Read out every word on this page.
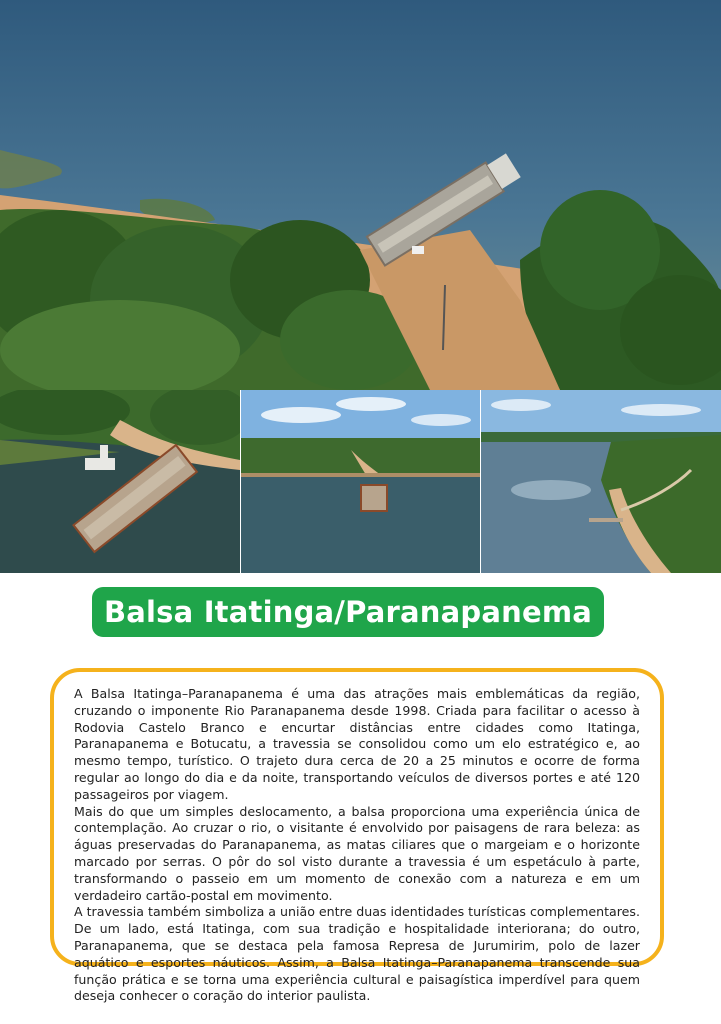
Balsa Itatinga/Paranapanema

A Balsa Itatinga–Paranapanema é uma das atrações mais emblemáticas da região, cruzando o imponente Rio Paranapanema desde 1998. Criada para facilitar o acesso à Rodovia Castelo Branco e encurtar distâncias entre cidades como Itatinga, Paranapanema e Botucatu, a travessia se consolidou como um elo estratégico e, ao mesmo tempo, turístico. O trajeto dura cerca de 20 a 25 minutos e ocorre de forma regular ao longo do dia e da noite, transportando veículos de diversos portes e até 120 passageiros por viagem.

Mais do que um simples deslocamento, a balsa proporciona uma experiência única de contemplação. Ao cruzar o rio, o visitante é envolvido por paisagens de rara beleza: as águas preservadas do Paranapanema, as matas ciliares que o margeiam e o horizonte marcado por serras. O pôr do sol visto durante a travessia é um espetáculo à parte, transformando o passeio em um momento de conexão com a natureza e em um verdadeiro cartão-postal em movimento.

A travessia também simboliza a união entre duas identidades turísticas complementares. De um lado, está Itatinga, com sua tradição e hospitalidade interiorana; do outro, Paranapanema, que se destaca pela famosa Represa de Jurumirim, polo de lazer aquático e esportes náuticos. Assim, a Balsa Itatinga–Paranapanema transcende sua função prática e se torna uma experiência cultural e paisagística imperdível para quem deseja conhecer o coração do interior paulista.
